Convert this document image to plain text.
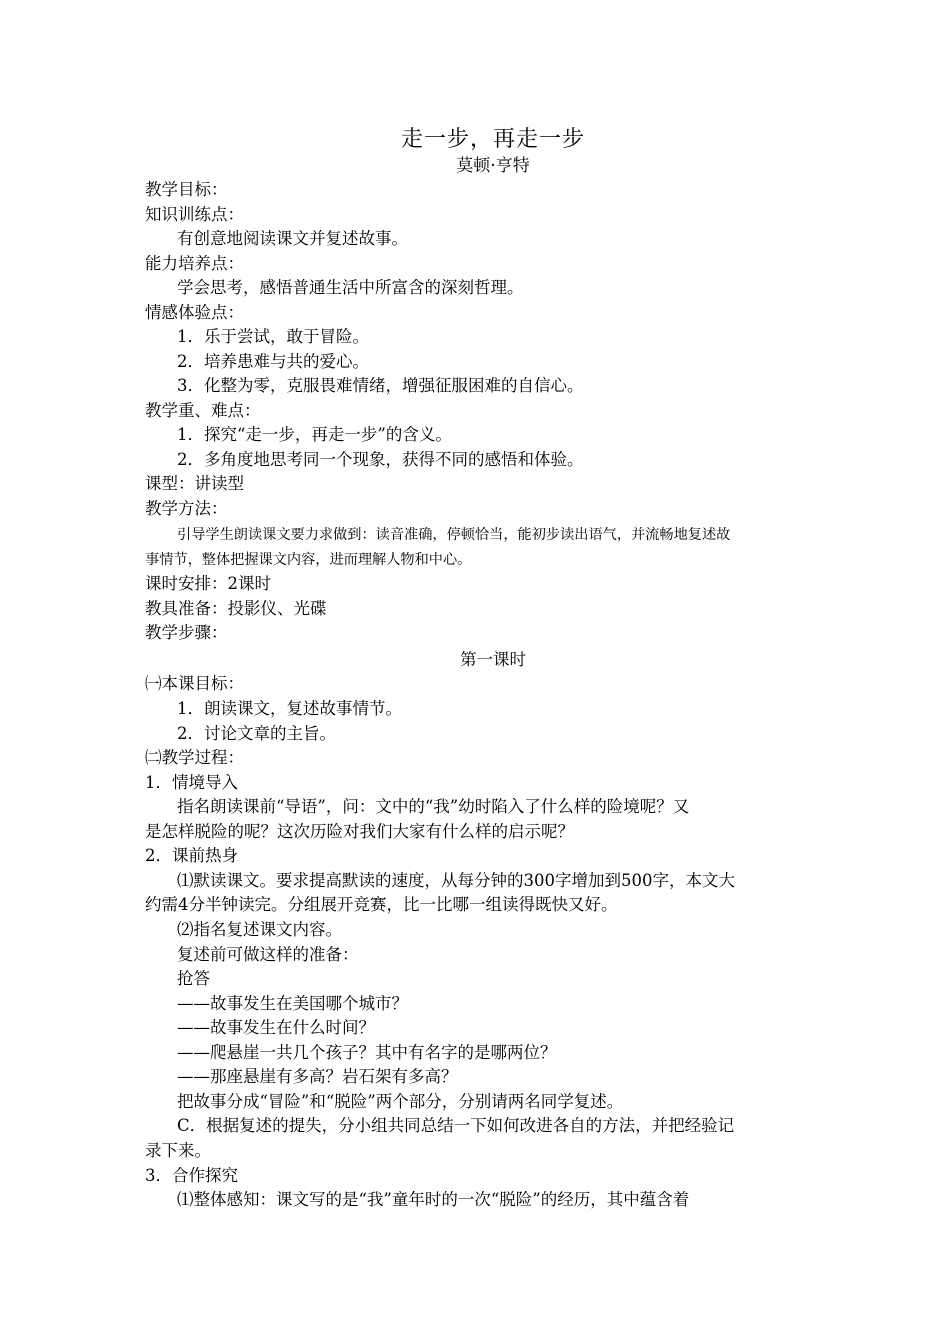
走一步，再走一步
莫顿·亨特
教学目标：
知识训练点：
有创意地阅读课文并复述故事。
能力培养点：
学会思考，感悟普通生活中所富含的深刻哲理。
情感体验点：
1．乐于尝试，敢于冒险。
2．培养患难与共的爱心。
3．化整为零，克服畏难情绪，增强征服困难的自信心。
教学重、难点：
1．探究“走一步，再走一步”的含义。
2．多角度地思考同一个现象，获得不同的感悟和体验。
课型：讲读型
教学方法：
引导学生朗读课文要力求做到：读音准确，停顿恰当，能初步读出语气，并流畅地复述故
事情节，整体把握课文内容，进而理解人物和中心。
课时安排：2课时
教具准备：投影仪、光碟
教学步骤：
第一课时
㈠本课目标：
1．朗读课文，复述故事情节。
2．讨论文章的主旨。
㈡教学过程：
1．情境导入
指名朗读课前“导语”，问：文中的“我”幼时陷入了什么样的险境呢？又
是怎样脱险的呢？这次历险对我们大家有什么样的启示呢？
2．课前热身
⑴默读课文。要求提高默读的速度，从每分钟的300字增加到500字，本文大
约需4分半钟读完。分组展开竞赛，比一比哪一组读得既快又好。
⑵指名复述课文内容。
复述前可做这样的准备：
抢答
——故事发生在美国哪个城市？
——故事发生在什么时间？
——爬悬崖一共几个孩子？其中有名字的是哪两位？
——那座悬崖有多高？岩石架有多高？
把故事分成“冒险”和“脱险”两个部分，分别请两名同学复述。
C．根据复述的提失，分小组共同总结一下如何改进各自的方法，并把经验记
录下来。
3．合作探究
⑴整体感知：课文写的是“我”童年时的一次“脱险”的经历，其中蕴含着
